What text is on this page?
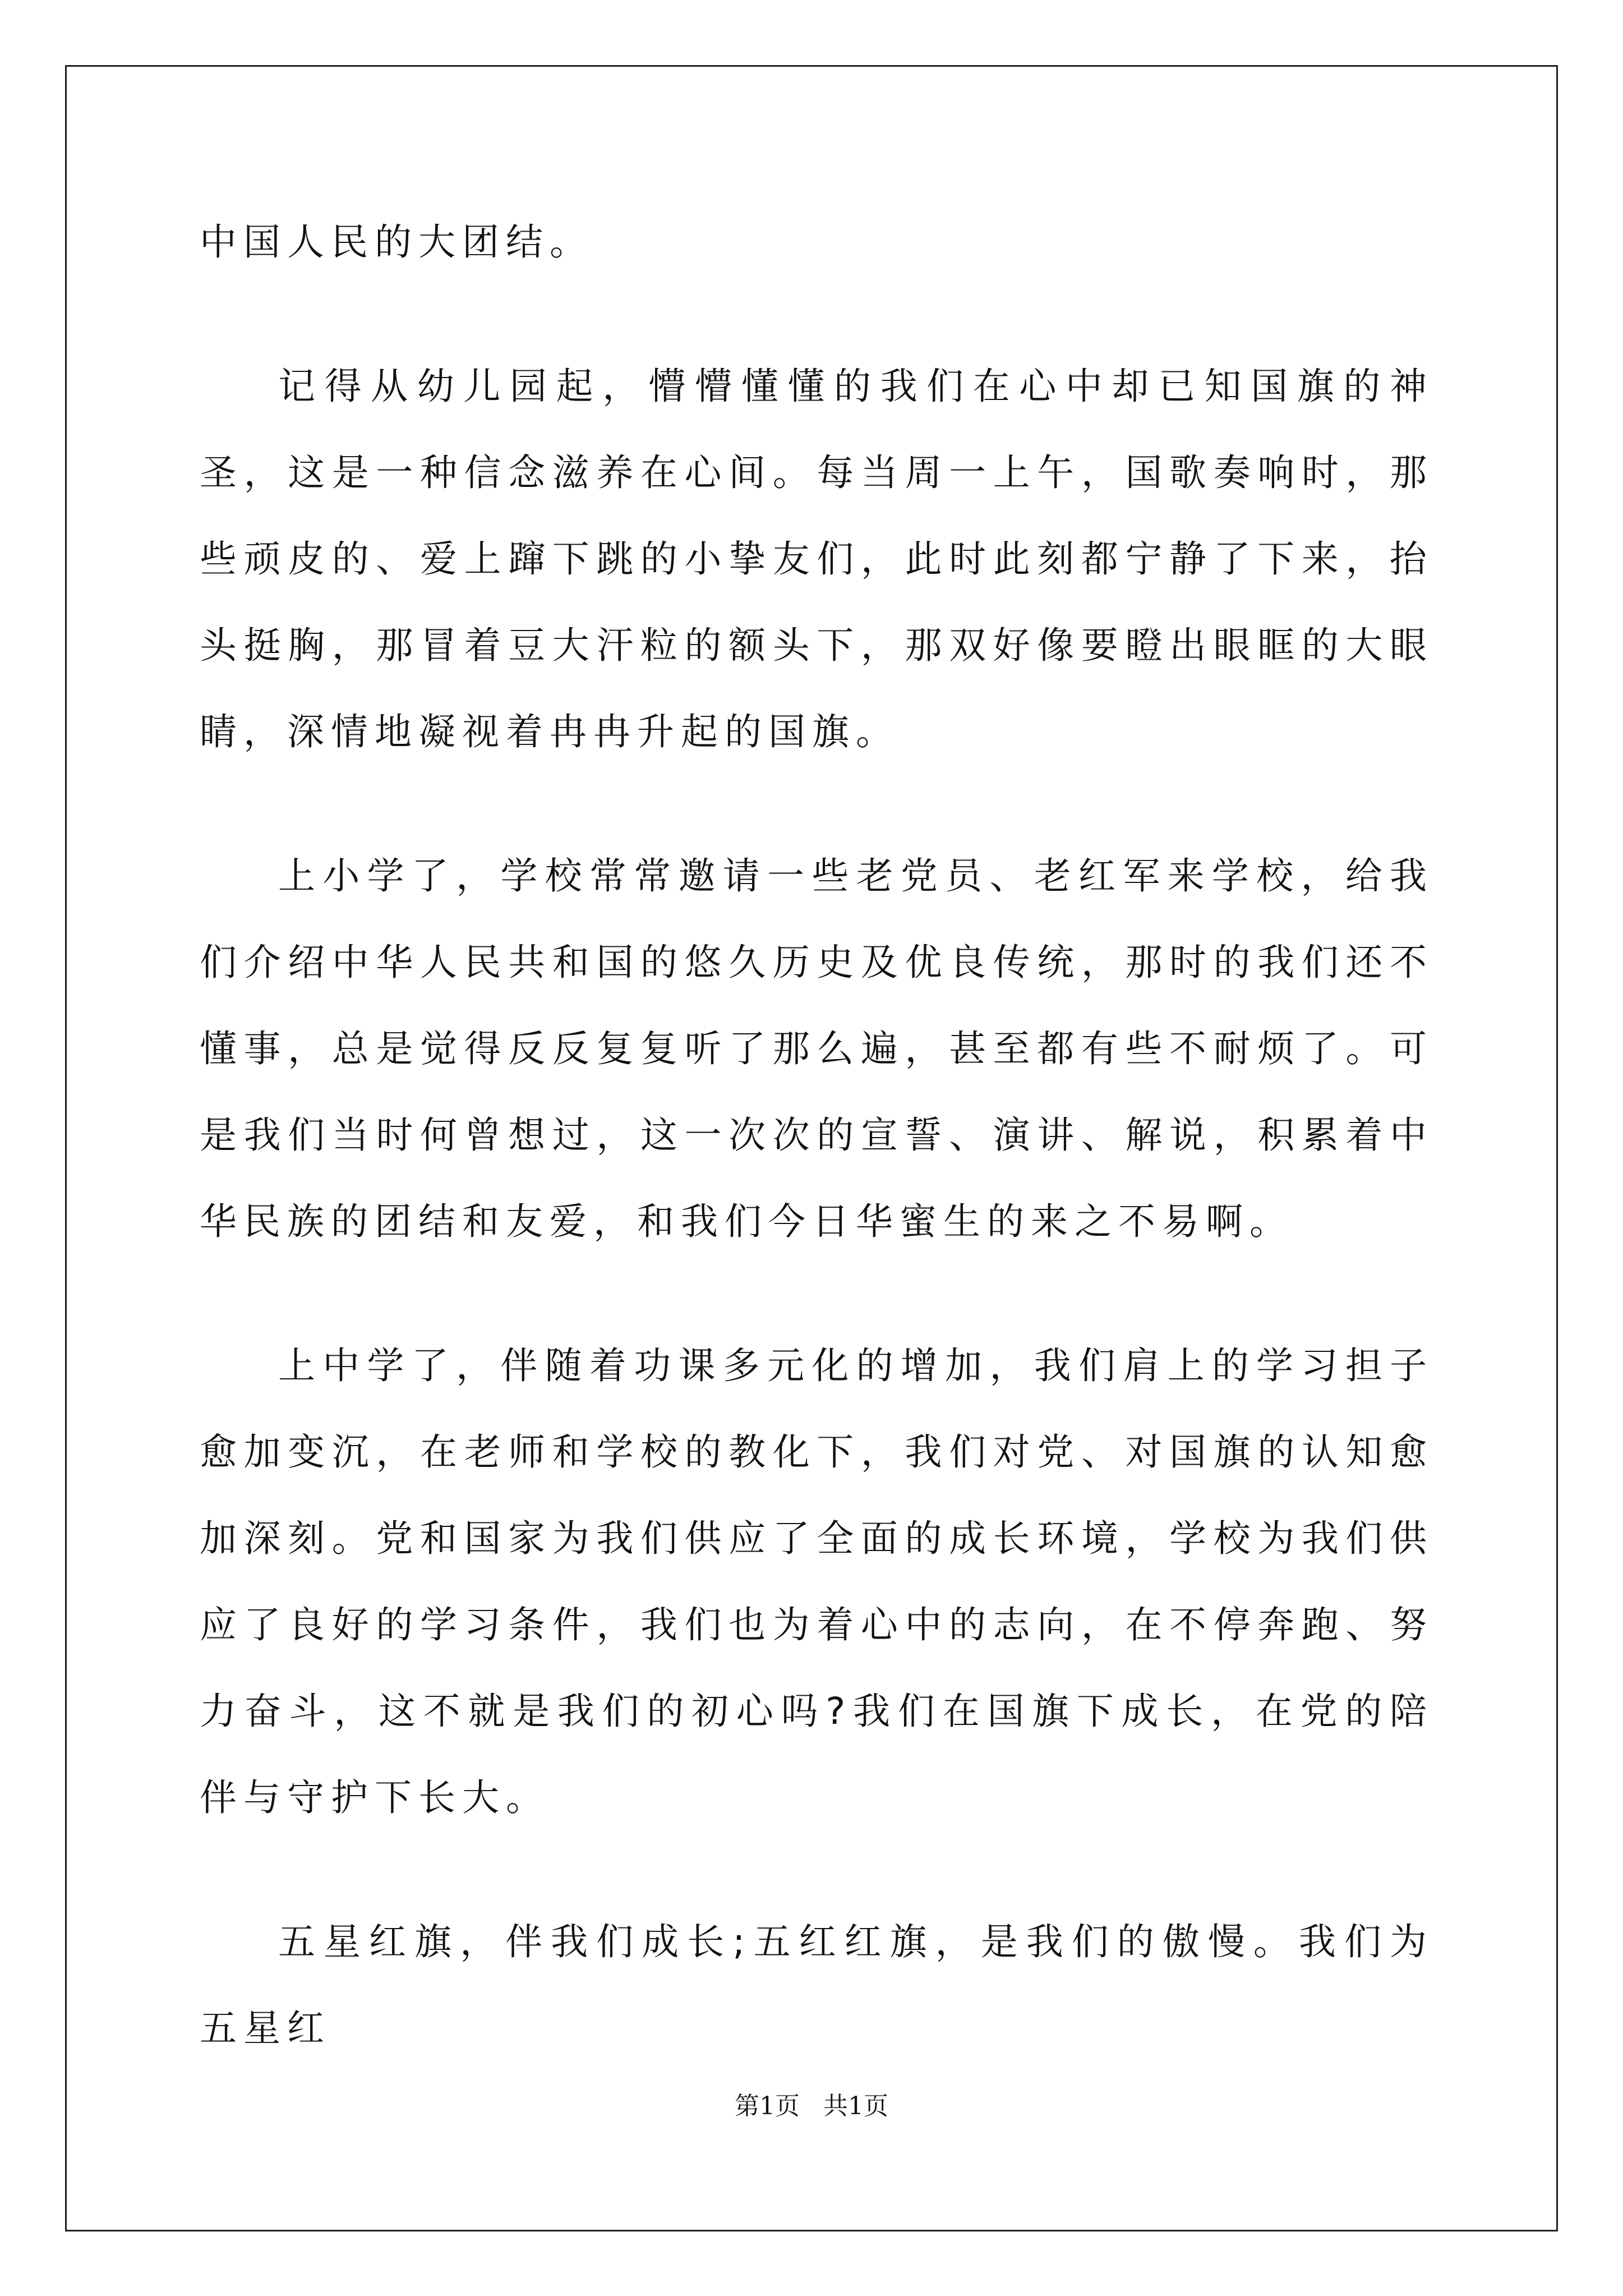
中国人民的大团结。

记得从幼儿园起，懵懵懂懂的我们在心中却已知国旗的神圣，这是一种信念滋养在心间。每当周一上午，国歌奏响时，那些顽皮的、爱上蹿下跳的小挚友们，此时此刻都宁静了下来，抬头挺胸，那冒着豆大汗粒的额头下，那双好像要瞪出眼眶的大眼睛，深情地凝视着冉冉升起的国旗。

上小学了，学校常常邀请一些老党员、老红军来学校，给我们介绍中华人民共和国的悠久历史及优良传统，那时的我们还不懂事，总是觉得反反复复听了那么遍，甚至都有些不耐烦了。可是我们当时何曾想过，这一次次的宣誓、演讲、解说，积累着中华民族的团结和友爱，和我们今日华蜜生的来之不易啊。

上中学了，伴随着功课多元化的增加，我们肩上的学习担子愈加变沉，在老师和学校的教化下，我们对党、对国旗的认知愈加深刻。党和国家为我们供应了全面的成长环境，学校为我们供应了良好的学习条件，我们也为着心中的志向，在不停奔跑、努力奋斗，这不就是我们的初心吗?我们在国旗下成长，在党的陪伴与守护下长大。

五星红旗，伴我们成长;五红红旗，是我们的傲慢。我们为五星红

第1页   共1页
